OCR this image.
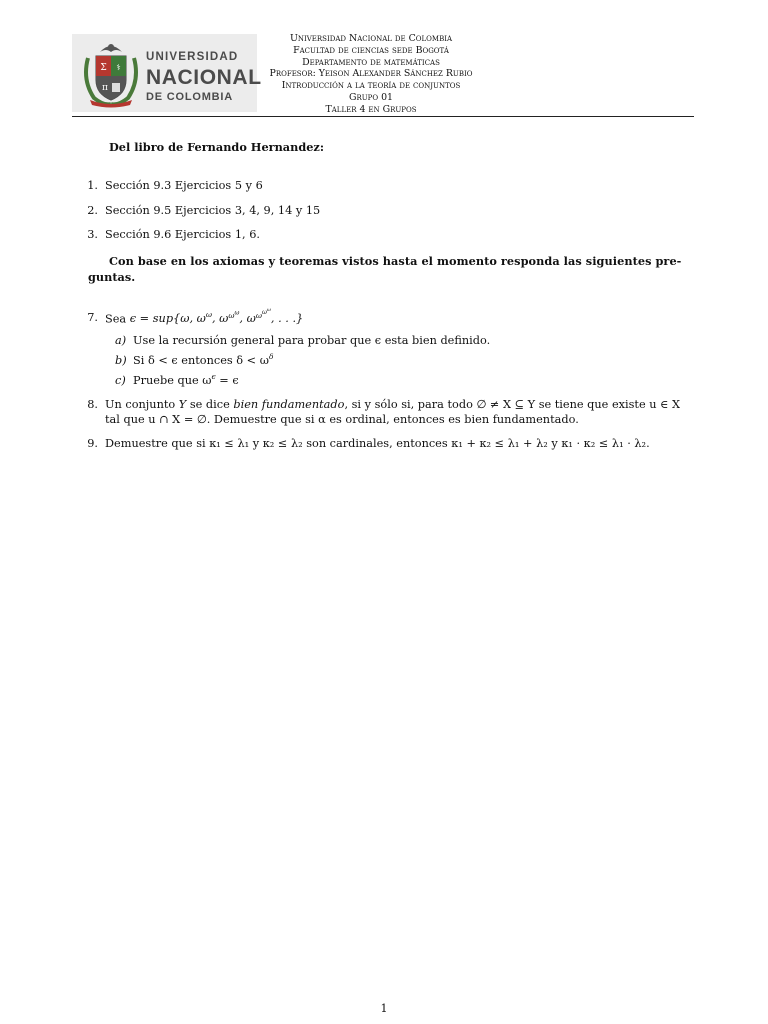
Σ ⚕
π
UNIVERSIDAD
NACIONAL
DE COLOMBIA
Universidad Nacional de Colombia
Facultad de ciencias sede Bogotá
Departamento de matemáticas
Profesor: Yeison Alexander Sánchez Rubio
Introducción a la teoría de conjuntos
Grupo 01
Taller 4 en Grupos
Del libro de Fernando Hernandez:
1. Sección 9.3 Ejercicios 5 y 6
2. Sección 9.5 Ejercicios 3, 4, 9, 14 y 15
3. Sección 9.6 Ejercicios 1, 6.
Con base en los axiomas y teoremas vistos hasta el momento responda las siguientes pre-
guntas.
7. Sea ϵ = sup{ω, $\omega^\omega$, $\omega^{\omega^\omega}$, $\omega^{\omega^{\omega^\omega}}$, . . .}
a) Use la recursión general para probar que ϵ esta bien definido.
b) Si δ < ϵ entonces $\delta < \omega^\delta$
c) Pruebe que $\omega^\epsilon = \epsilon$
8. Un conjunto Y se dice bien fundamentado, si y sólo si, para todo ∅ ≠ X ⊆ Y se tiene que existe u ∈ X
tal que u ∩ X = ∅. Demuestre que si α es ordinal, entonces es bien fundamentado.
9. Demuestre que si κ₁ ≤ λ₁ y κ₂ ≤ λ₂ son cardinales, entonces κ₁ + κ₂ ≤ λ₁ + λ₂ y κ₁ · κ₂ ≤ λ₁ · λ₂.
1
